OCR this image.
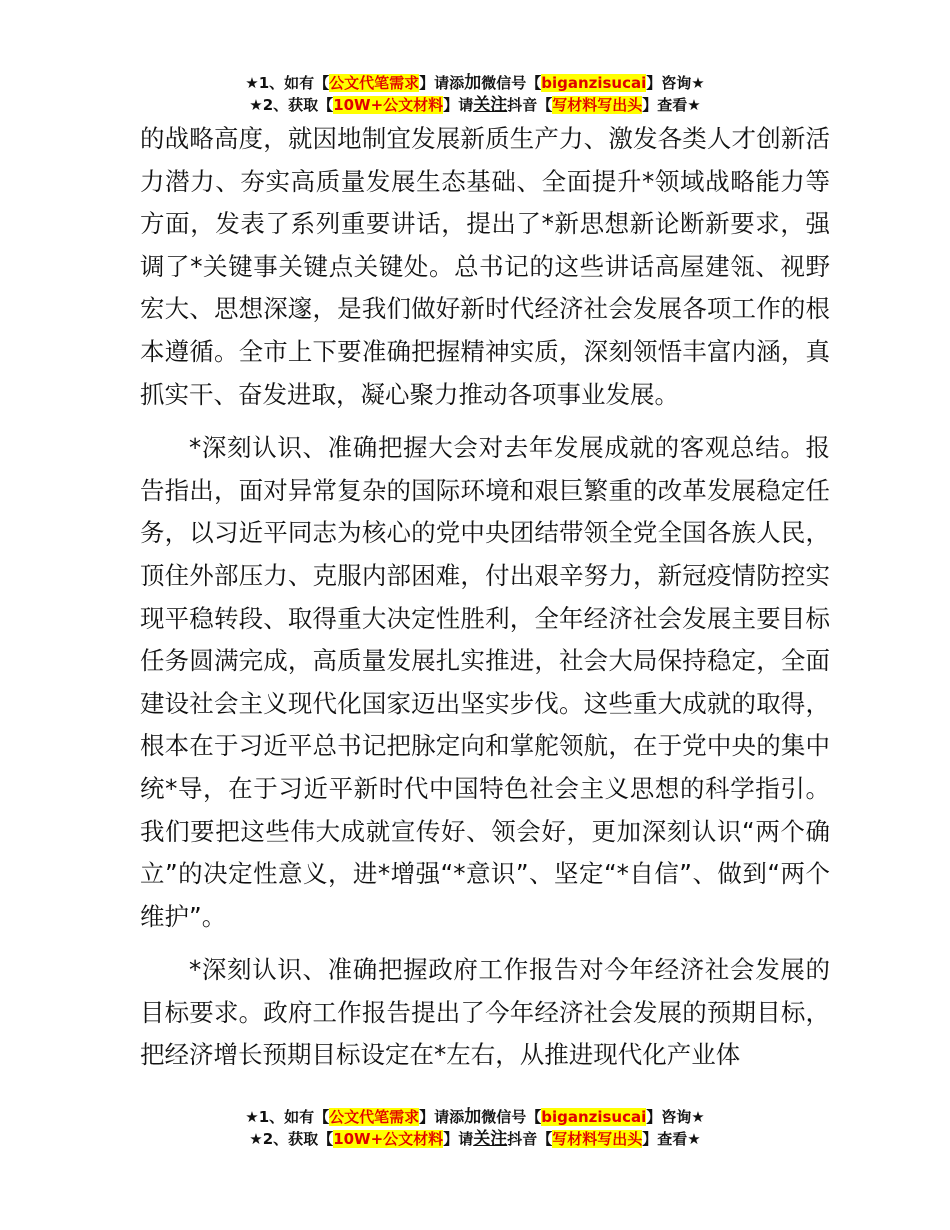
★1、如有【公文代笔需求】请添加微信号【biganzisucai】咨询★
★2、获取【10W+公文材料】请关注抖音【写材料写出头】查看★

的战略高度，就因地制宜发展新质生产力、激发各类人才创新活力潜力、夯实高质量发展生态基础、全面提升*领域战略能力等方面，发表了系列重要讲话，提出了*新思想新论断新要求，强调了*关键事关键点关键处。总书记的这些讲话高屋建瓴、视野宏大、思想深邃，是我们做好新时代经济社会发展各项工作的根本遵循。全市上下要准确把握精神实质，深刻领悟丰富内涵，真抓实干、奋发进取，凝心聚力推动各项事业发展。

*深刻认识、准确把握大会对去年发展成就的客观总结。报告指出，面对异常复杂的国际环境和艰巨繁重的改革发展稳定任务，以习近平同志为核心的党中央团结带领全党全国各族人民，顶住外部压力、克服内部困难，付出艰辛努力，新冠疫情防控实现平稳转段、取得重大决定性胜利，全年经济社会发展主要目标任务圆满完成，高质量发展扎实推进，社会大局保持稳定，全面建设社会主义现代化国家迈出坚实步伐。这些重大成就的取得，根本在于习近平总书记把脉定向和掌舵领航，在于党中央的集中统*导，在于习近平新时代中国特色社会主义思想的科学指引。我们要把这些伟大成就宣传好、领会好，更加深刻认识“两个确立”的决定性意义，进*增强“*意识”、坚定“*自信”、做到“两个维护”。

*深刻认识、准确把握政府工作报告对今年经济社会发展的目标要求。政府工作报告提出了今年经济社会发展的预期目标，把经济增长预期目标设定在*左右，从推进现代化产业体

★1、如有【公文代笔需求】请添加微信号【biganzisucai】咨询★
★2、获取【10W+公文材料】请关注抖音【写材料写出头】查看★
